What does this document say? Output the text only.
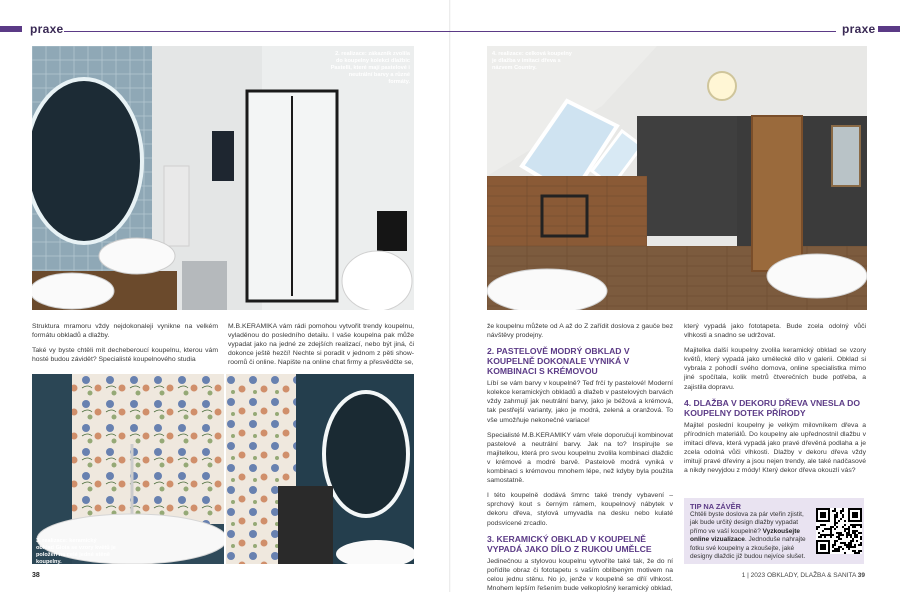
praxe	praxe
2. realizace: zákazník zvolila do koupelny kolekci dlažbic Pastelli, které mají pastelové i neutrální barvy a různé formáty.

Struktura mramoru vždy nejdokonaleji vynikne na velkém formátu obkladů a dlažby.

Také vy byste chtěli mít decheberoucí koupelnu, kterou vám hosté budou závidět? Specialisté koupelnového studia

M.B.KERAMIKA vám rádi pomohou vytvořit trendy koupelnu, vyladěnou do posledního detailu. I vaše koupelna pak může vypadat jako na jedné ze zdejších realizací, nebo být jiná, či dokonce ještě hezčí! Nechte si poradit v jednom z pěti show-roomů či online. Napište na online chat firmy a přesvědčte se,

3. realizace: keramický obklad Gioia se vzory květů je položen na celé jedné stěně koupelny.
4. realizace: celková koupelny je dlažba v imitaci dřeva s názvem Country.

že koupelnu můžete od A až do Z zařídit doslova z gauče bez návštěvy prodejny.

2. PASTELOVĚ MODRÝ OBKLAD V KOUPELNĚ DOKONALE VYNIKÁ V KOMBINACI S KRÉMOVOU

Líbí se vám barvy v koupelně? Teď frčí ty pastelové! Moderní kolekce keramických obkladů a dlažeb v pastelových barvách vždy zahrnují jak neutrální barvy, jako je béžová a krémová, tak pestřejší varianty, jako je modrá, zelená a oranžová. To vše umožňuje nekonečné variace!

Specialisté M.B.KERAMIKY vám vřele doporučují kombinovat pastelové a neutrální barvy. Jak na to? Inspirujte se majitelkou, která pro svou koupelnu zvolila kombinaci dlaždic v krémové a modré barvě. Pastelově modrá vyniká v kombinaci s krémovou mnohem lépe, než kdyby byla použita samostatně.

I této koupelně dodává šmrnc také trendy vybavení – sprchový kout s černým rámem, koupelnový nábytek v dekoru dřeva, stylová umyvadla na desku nebo kulaté podsvícené zrcadlo.

3. KERAMICKÝ OBKLAD V KOUPELNĚ VYPADÁ JAKO DÍLO Z RUKOU UMĚLCE

Jedinečnou a stylovou koupelnu vytvoříte také tak, že do ní pořídíte obraz či fototapetu s vaším oblíbeným motivem na celou jednu stěnu. No jo, jenže v koupelně se dříí vlhkost. Mnohem lepším řešením bude velkoplošný keramický obklad,

který vypadá jako fototapeta. Bude zcela odolný vůči vlhkosti a snadno se udržovat.

Majitelka další koupelny zvolila keramický obklad se vzory květů, který vypadá jako umělecké dílo v galerii. Obklad si vybrala z pohodlí svého domova, online specialistka mimo jiné spočítala, kolik metrů čtverečních bude potřeba, a zajistila dopravu.

4. DLAŽBA V DEKORU DŘEVA VNESLA DO KOUPELNY DOTEK PŘÍRODY

Majitel poslední koupelny je velkým milovníkem dřeva a přírodních materiálů. Do koupelny ale upřednostnil dlažbu v imitaci dřeva, která vypadá jako pravé dřevěná podlaha a je zcela odolná vůči vlhkosti. Dlažby v dekoru dřeva vždy imitují pravé dřeviny a jsou nejen trendy, ale také nadčasové a nikdy nevyjdou z módy! Který dekor dřeva okouzlí vás?

TIP NA ZÁVĚR
Chtěli byste doslova za pár vteřin zjistit, jak bude určitý design dlažby vypadat přímo ve vaší koupelně? Vyzkoušejte online vizualizace. Jednoduše nahrajte fotku své koupelny a zkoušejte, jaké designy dlaždic již budou nejvíce slušet.
38	1 | 2023 OBKLADY, DLAŽBA & SANITA 39
